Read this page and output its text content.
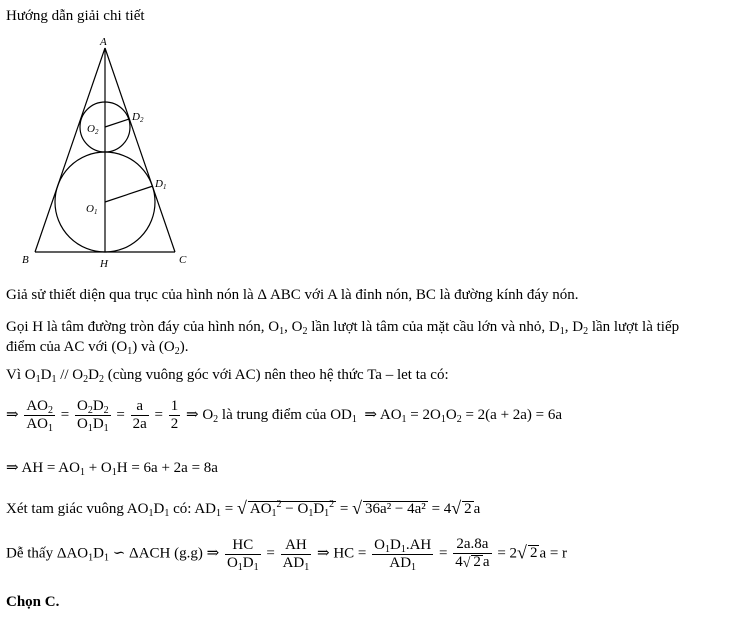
Hướng dẫn giải chi tiết
A
B	C
H
O1
O2
D1
D2
Giả sử thiết diện qua trục của hình nón là Δ ABC với A là đỉnh nón, BC là đường kính đáy nón.
Gọi H là tâm đường tròn đáy của hình nón, $O_1$, $O_2$ lần lượt là tâm của mặt cầu lớn và nhỏ, $D_1$, $D_2$ lần lượt là tiếp
điểm của AC với $(O_1)$ và $(O_2)$.
Vì $O_1D_1 // O_2D_2$ (cùng vuông góc với AC) nên theo hệ thức Ta – let ta có:
⇒ $\frac{AO_2}{AO_1} = \frac{O_2D_2}{O_1D_1} = \frac{a}{2a} = \frac{1}{2}$ ⇒ $O_2$ là trung điểm của $OD_1$  ⇒ $AO_1 = 2O_1O_2 = 2(a + 2a) = 6a$
⇒ AH = $AO_1 + O_1H = 6a + 2a = 8a$
Xét tam giác vuông $AO_1D_1$ có: $AD_1$ = √ $AO_1^2 - O_1D_1^2$ = √ 36a² − 4a² = 4√ 2 a
Dễ thấy $\Delta AO_1D_1$ ∽ ΔACH (g.g) ⇒ $\frac{HC}{O_1D_1} = \frac{AH}{AD_1}$ ⇒ HC = $\frac{O_1D_1.AH}{AD_1} = \frac{2a.8a}{4√ 2 a} = 2√$ 2 a = r
Chọn C.
